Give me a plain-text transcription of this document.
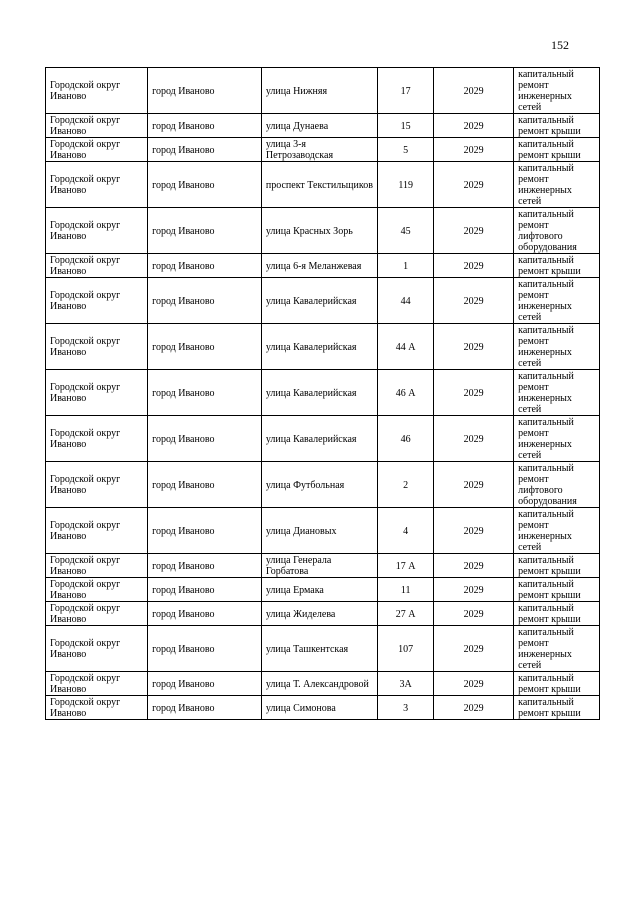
152
Городской округ Иваново	город Иваново	улица Нижняя	17	2029	капитальный ремонт инженерных сетей
Городской округ Иваново	город Иваново	улица Дунаева	15	2029	капитальный ремонт крыши
Городской округ Иваново	город Иваново	улица 3-я Петрозаводская	5	2029	капитальный ремонт крыши
Городской округ Иваново	город Иваново	проспект Текстильщиков	119	2029	капитальный ремонт инженерных сетей
Городской округ Иваново	город Иваново	улица Красных Зорь	45	2029	капитальный ремонт лифтового оборудования
Городской округ Иваново	город Иваново	улица 6-я Меланжевая	1	2029	капитальный ремонт крыши
Городской округ Иваново	город Иваново	улица Кавалерийская	44	2029	капитальный ремонт инженерных сетей
Городской округ Иваново	город Иваново	улица Кавалерийская	44 А	2029	капитальный ремонт инженерных сетей
Городской округ Иваново	город Иваново	улица Кавалерийская	46 А	2029	капитальный ремонт инженерных сетей
Городской округ Иваново	город Иваново	улица Кавалерийская	46	2029	капитальный ремонт инженерных сетей
Городской округ Иваново	город Иваново	улица Футбольная	2	2029	капитальный ремонт лифтового оборудования
Городской округ Иваново	город Иваново	улица Диановых	4	2029	капитальный ремонт инженерных сетей
Городской округ Иваново	город Иваново	улица Генерала Горбатова	17 А	2029	капитальный ремонт крыши
Городской округ Иваново	город Иваново	улица Ермака	11	2029	капитальный ремонт крыши
Городской округ Иваново	город Иваново	улица Жиделева	27 А	2029	капитальный ремонт крыши
Городской округ Иваново	город Иваново	улица Ташкентская	107	2029	капитальный ремонт инженерных сетей
Городской округ Иваново	город Иваново	улица Т. Александровой	3А	2029	капитальный ремонт крыши
Городской округ Иваново	город Иваново	улица Симонова	3	2029	капитальный ремонт крыши
